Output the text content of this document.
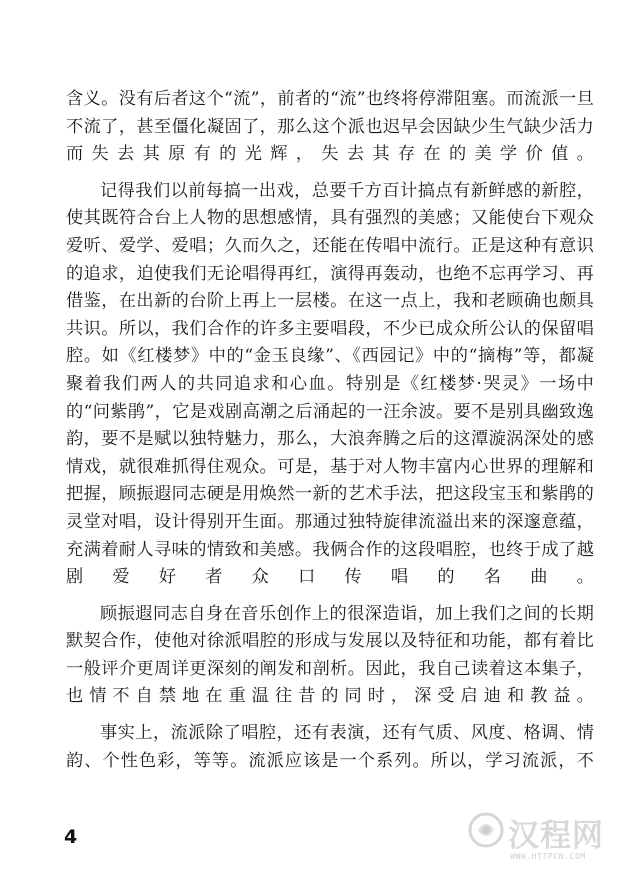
含义。没有后者这个“流”，前者的“流”也终将停滞阻塞。而流派一旦不流了，甚至僵化凝固了，那么这个派也迟早会因缺少生气缺少活力而失去其原有的光辉，失去其存在的美学价值。

记得我们以前每搞一出戏，总要千方百计搞点有新鲜感的新腔，使其既符合台上人物的思想感情，具有强烈的美感；又能使台下观众爱听、爱学、爱唱；久而久之，还能在传唱中流行。正是这种有意识的追求，迫使我们无论唱得再红，演得再轰动，也绝不忘再学习、再借鉴，在出新的台阶上再上一层楼。在这一点上，我和老顾确也颇具共识。所以，我们合作的许多主要唱段，不少已成众所公认的保留唱腔。如《红楼梦》中的“金玉良缘”、《西园记》中的“摘梅”等，都凝聚着我们两人的共同追求和心血。特别是《红楼梦·哭灵》一场中的“问紫鹃”，它是戏剧高潮之后涌起的一汪余波。要不是别具幽致逸韵，要不是赋以独特魅力，那么，大浪奔腾之后的这潭漩涡深处的感情戏，就很难抓得住观众。可是，基于对人物丰富内心世界的理解和把握，顾振遐同志硬是用焕然一新的艺术手法，把这段宝玉和紫鹃的灵堂对唱，设计得别开生面。那通过独特旋律流溢出来的深邃意蕴，充满着耐人寻味的情致和美感。我俩合作的这段唱腔，也终于成了越剧爱好者众口传唱的名曲。

顾振遐同志自身在音乐创作上的很深造诣，加上我们之间的长期默契合作，使他对徐派唱腔的形成与发展以及特征和功能，都有着比一般评介更周详更深刻的阐发和剖析。因此，我自己读着这本集子，也情不自禁地在重温往昔的同时，深受启迪和教益。

事实上，流派除了唱腔，还有表演，还有气质、风度、格调、情韵、个性色彩，等等。流派应该是一个系列。所以，学习流派，不

4	汉程网
WWW.HTTPCN.COM
